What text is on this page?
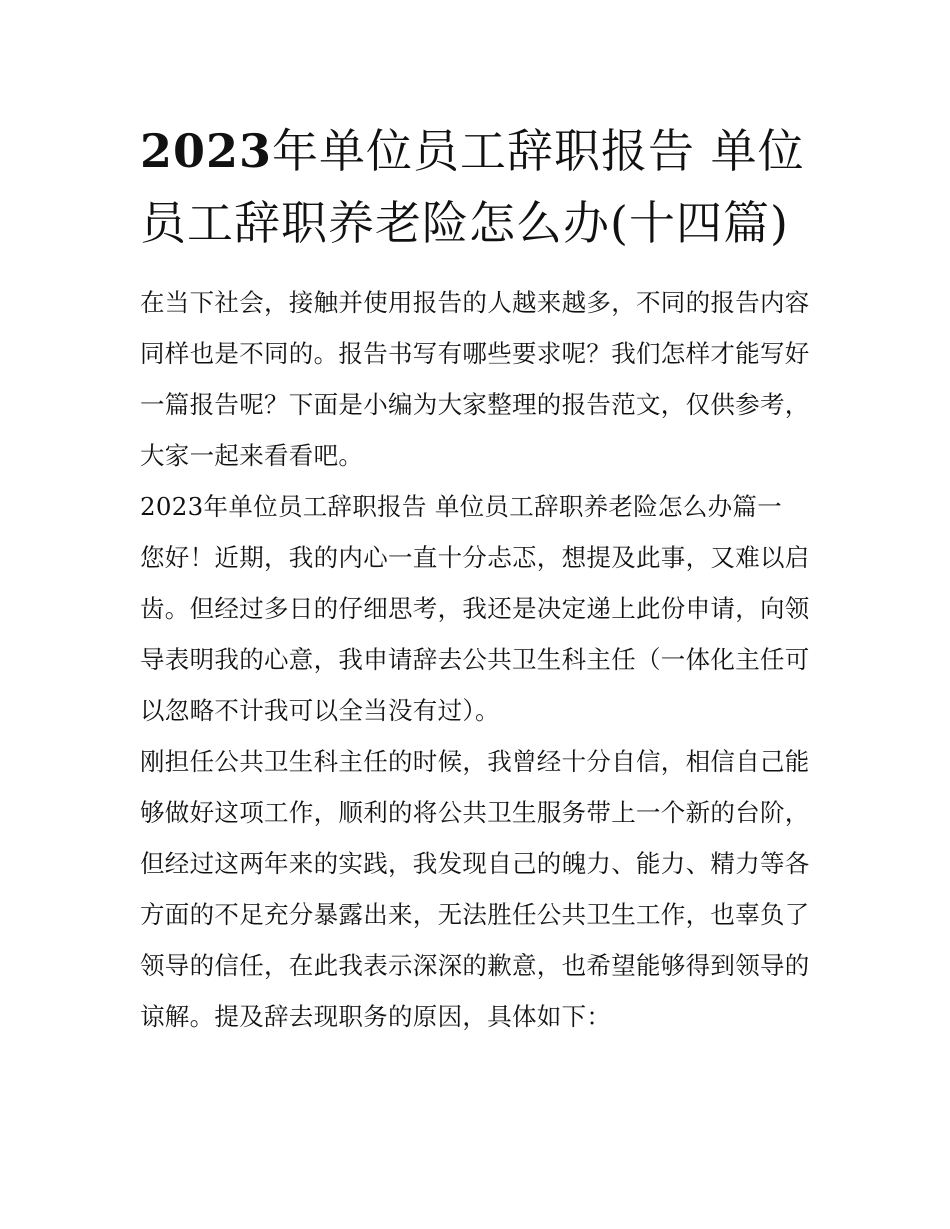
2023年单位员工辞职报告 单位员工辞职养老险怎么办(十四篇)

在当下社会，接触并使用报告的人越来越多，不同的报告内容同样也是不同的。报告书写有哪些要求呢？我们怎样才能写好一篇报告呢？下面是小编为大家整理的报告范文，仅供参考，大家一起来看看吧。

2023年单位员工辞职报告 单位员工辞职养老险怎么办篇一

您好！近期，我的内心一直十分忐忑，想提及此事，又难以启齿。但经过多日的仔细思考，我还是决定递上此份申请，向领导表明我的心意，我申请辞去公共卫生科主任（一体化主任可以忽略不计我可以全当没有过）。

刚担任公共卫生科主任的时候，我曾经十分自信，相信自己能够做好这项工作，顺利的将公共卫生服务带上一个新的台阶，但经过这两年来的实践，我发现自己的魄力、能力、精力等各方面的不足充分暴露出来，无法胜任公共卫生工作，也辜负了领导的信任，在此我表示深深的歉意，也希望能够得到领导的谅解。提及辞去现职务的原因，具体如下：
